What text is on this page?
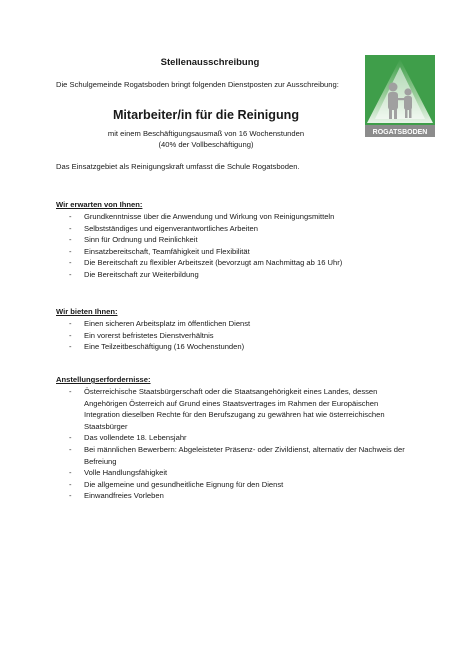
Stellenausschreibung
Die Schulgemeinde Rogatsboden bringt folgenden Dienstposten zur Ausschreibung:
Mitarbeiter/in für die Reinigung
mit einem Beschäftigungsausmaß von 16 Wochenstunden
(40% der Vollbeschäftigung)
Das Einsatzgebiet als Reinigungskraft umfasst die Schule Rogatsboden.
ROGATSBODEN
Wir erwarten von Ihnen:
- Grundkenntnisse über die Anwendung und Wirkung von Reinigungsmitteln
- Selbstständiges und eigenverantwortliches Arbeiten
- Sinn für Ordnung und Reinlichkeit
- Einsatzbereitschaft, Teamfähigkeit und Flexibilität
- Die Bereitschaft zu flexibler Arbeitszeit (bevorzugt am Nachmittag ab 16 Uhr)
- Die Bereitschaft zur Weiterbildung
Wir bieten Ihnen:
- Einen sicheren Arbeitsplatz im öffentlichen Dienst
- Ein vorerst befristetes Dienstverhältnis
- Eine Teilzeitbeschäftigung (16 Wochenstunden)
Anstellungserfordernisse:
- Österreichische Staatsbürgerschaft oder die Staatsangehörigkeit eines Landes, dessen Angehörigen Österreich auf Grund eines Staatsvertrages im Rahmen der Europäischen Integration dieselben Rechte für den Berufszugang zu gewähren hat wie österreichischen Staatsbürger
- Das vollendete 18. Lebensjahr
- Bei männlichen Bewerbern: Abgeleisteter Präsenz- oder Zivildienst, alternativ der Nachweis der Befreiung
- Volle Handlungsfähigkeit
- Die allgemeine und gesundheitliche Eignung für den Dienst
- Einwandfreies Vorleben
